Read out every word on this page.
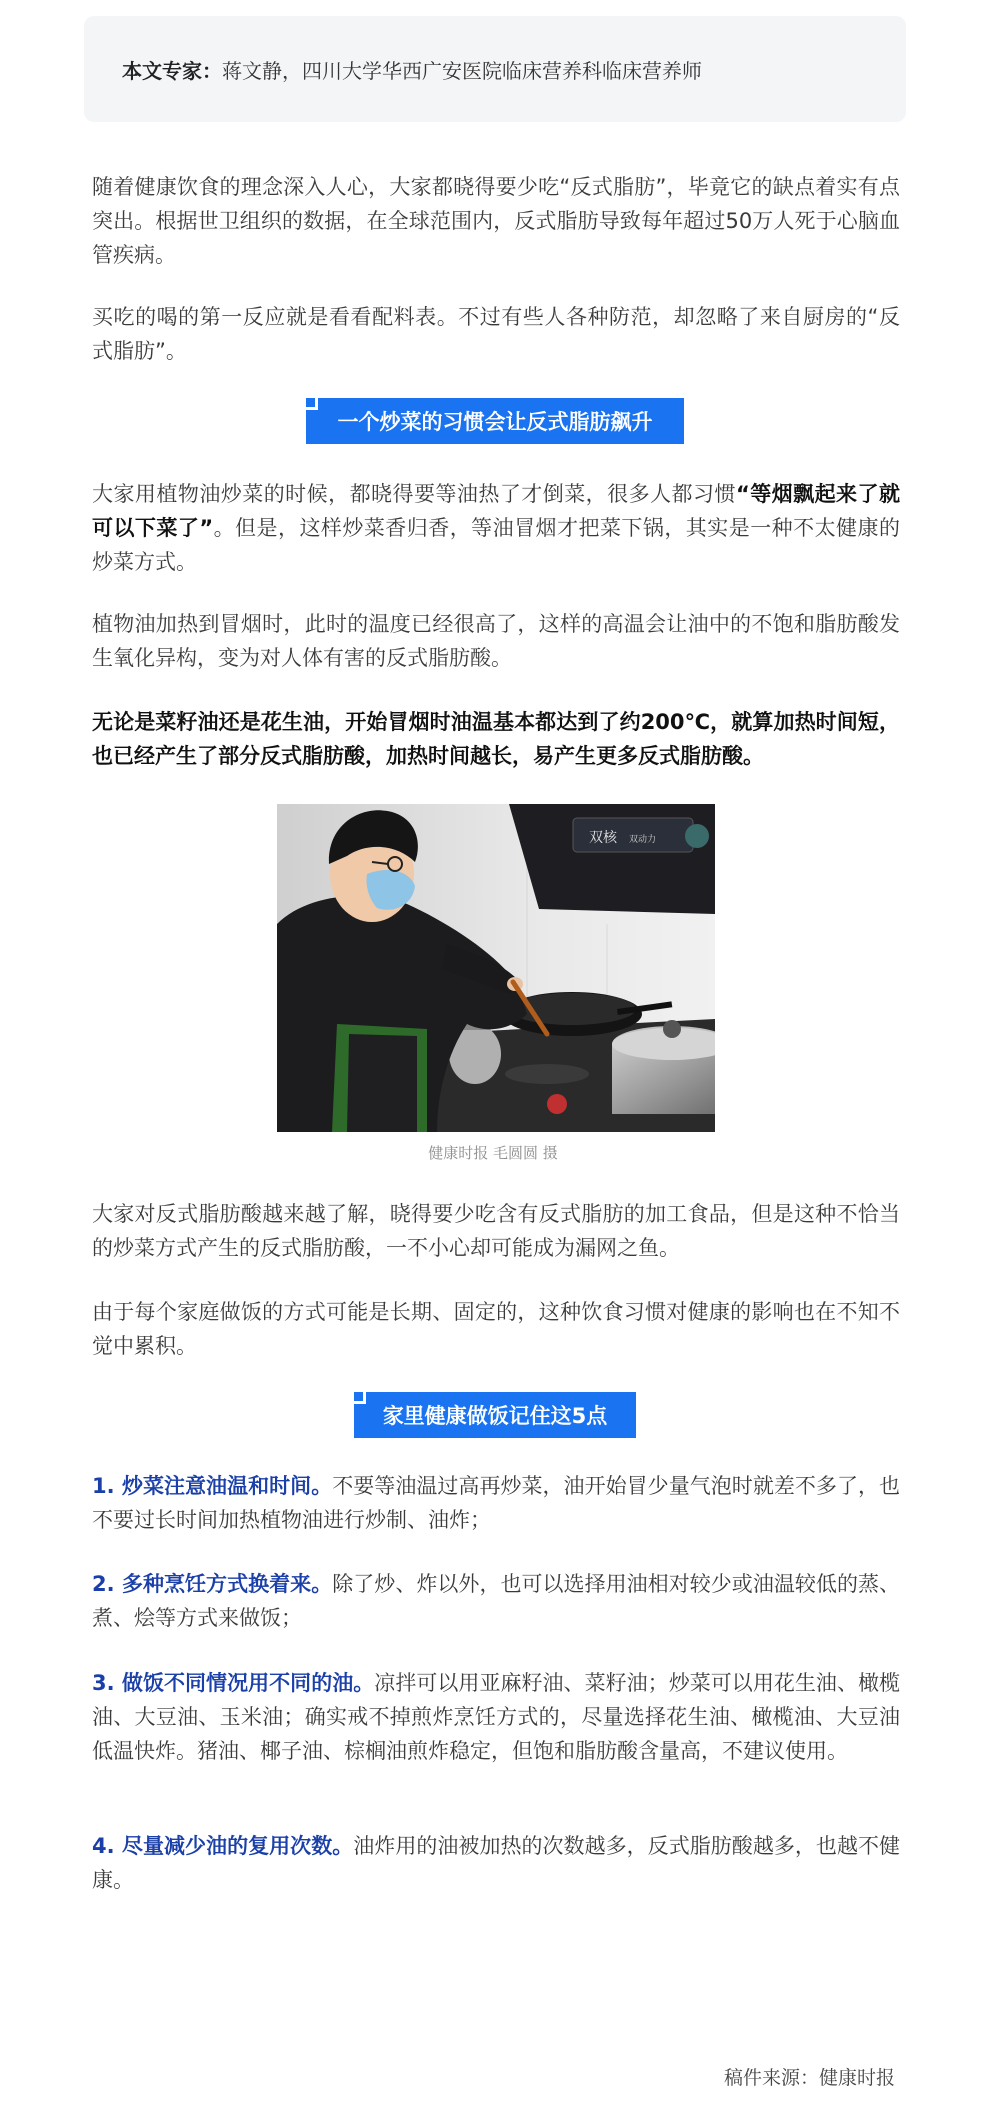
本文专家：蒋文静，四川大学华西广安医院临床营养科临床营养师

随着健康饮食的理念深入人心，大家都晓得要少吃“反式脂肪”，毕竟它的缺点着实有点突出。根据世卫组织的数据，在全球范围内，反式脂肪导致每年超过50万人死于心脑血管疾病。

买吃的喝的第一反应就是看看配料表。不过有些人各种防范，却忽略了来自厨房的“反式脂肪”。

一个炒菜的习惯会让反式脂肪飙升

大家用植物油炒菜的时候，都晓得要等油热了才倒菜，很多人都习惯“等烟飘起来了就可以下菜了”。但是，这样炒菜香归香，等油冒烟才把菜下锅，其实是一种不太健康的炒菜方式。

植物油加热到冒烟时，此时的温度已经很高了，这样的高温会让油中的不饱和脂肪酸发生氧化异构，变为对人体有害的反式脂肪酸。

无论是菜籽油还是花生油，开始冒烟时油温基本都达到了约200℃，就算加热时间短，也已经产生了部分反式脂肪酸，加热时间越长，易产生更多反式脂肪酸。

双核 双动力
健康时报 毛圆圆 摄

大家对反式脂肪酸越来越了解，晓得要少吃含有反式脂肪的加工食品，但是这种不恰当的炒菜方式产生的反式脂肪酸，一不小心却可能成为漏网之鱼。

由于每个家庭做饭的方式可能是长期、固定的，这种饮食习惯对健康的影响也在不知不觉中累积。

家里健康做饭记住这5点

1. 炒菜注意油温和时间。不要等油温过高再炒菜，油开始冒少量气泡时就差不多了，也不要过长时间加热植物油进行炒制、油炸；

2. 多种烹饪方式换着来。除了炒、炸以外，也可以选择用油相对较少或油温较低的蒸、煮、烩等方式来做饭；

3. 做饭不同情况用不同的油。凉拌可以用亚麻籽油、菜籽油；炒菜可以用花生油、橄榄油、大豆油、玉米油；确实戒不掉煎炸烹饪方式的，尽量选择花生油、橄榄油、大豆油低温快炸。猪油、椰子油、棕榈油煎炸稳定，但饱和脂肪酸含量高，不建议使用。

4. 尽量减少油的复用次数。油炸用的油被加热的次数越多，反式脂肪酸越多，也越不健康。

稿件来源：健康时报
